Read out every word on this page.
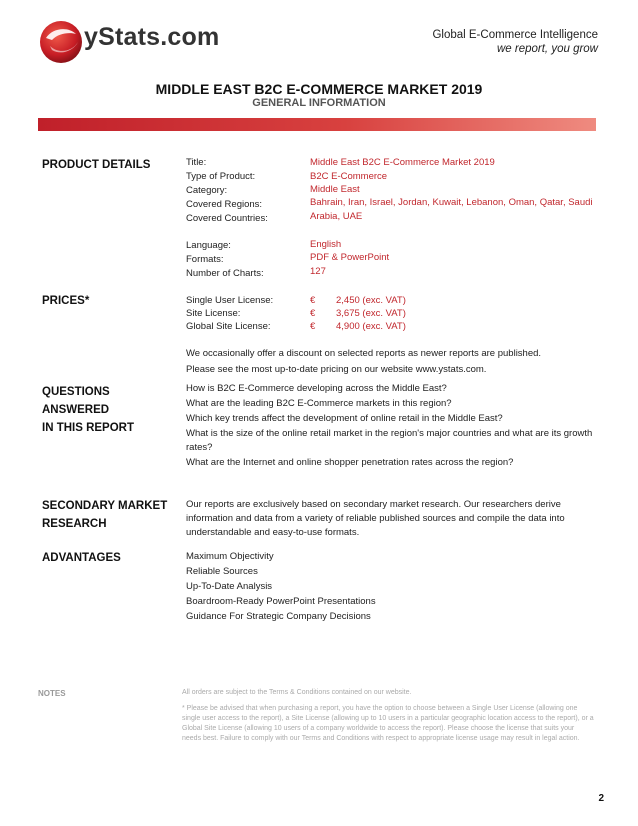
yStats.com	Global E-Commerce Intelligence
we report, you grow
MIDDLE EAST B2C E-COMMERCE MARKET 2019
GENERAL INFORMATION
PRODUCT DETAILS	Title:	Middle East B2C E-Commerce Market 2019
Type of Product:	B2C E-Commerce
Category:	Middle East
Covered Regions:	Bahrain, Iran, Israel, Jordan, Kuwait, Lebanon, Oman, Qatar, Saudi Arabia, UAE
Covered Countries:
Language:	English
Formats:	PDF & PowerPoint
Number of Charts:	127
PRICES*	Single User License:	€ 2,450 (exc. VAT)
Site License:	€ 3,675 (exc. VAT)
Global Site License:	€ 4,900 (exc. VAT)
We occasionally offer a discount on selected reports as newer reports are published.
Please see the most up-to-date pricing on our website www.ystats.com.
QUESTIONS
ANSWERED
IN THIS REPORT
How is B2C E-Commerce developing across the Middle East?
What are the leading B2C E-Commerce markets in this region?
Which key trends affect the development of online retail in the Middle East?
What is the size of the online retail market in the region's major countries and what are its growth rates?
What are the Internet and online shopper penetration rates across the region?
SECONDARY MARKET
RESEARCH
Our reports are exclusively based on secondary market research. Our researchers derive information and data from a variety of reliable published sources and compile the data into understandable and easy-to-use formats.
ADVANTAGES	Maximum Objectivity
Reliable Sources
Up-To-Date Analysis
Boardroom-Ready PowerPoint Presentations
Guidance For Strategic Company Decisions
NOTES	All orders are subject to the Terms & Conditions contained on our website.

* Please be advised that when purchasing a report, you have the option to choose between a Single User License (allowing one single user access to the report), a Site License (allowing up to 10 users in a particular geographic location access to the report), or a Global Site License (allowing 10 users of a company worldwide to access the report). Please choose the license that suits your needs best. Failure to comply with our Terms and Conditions with respect to appropriate license usage may result in legal action.

2
